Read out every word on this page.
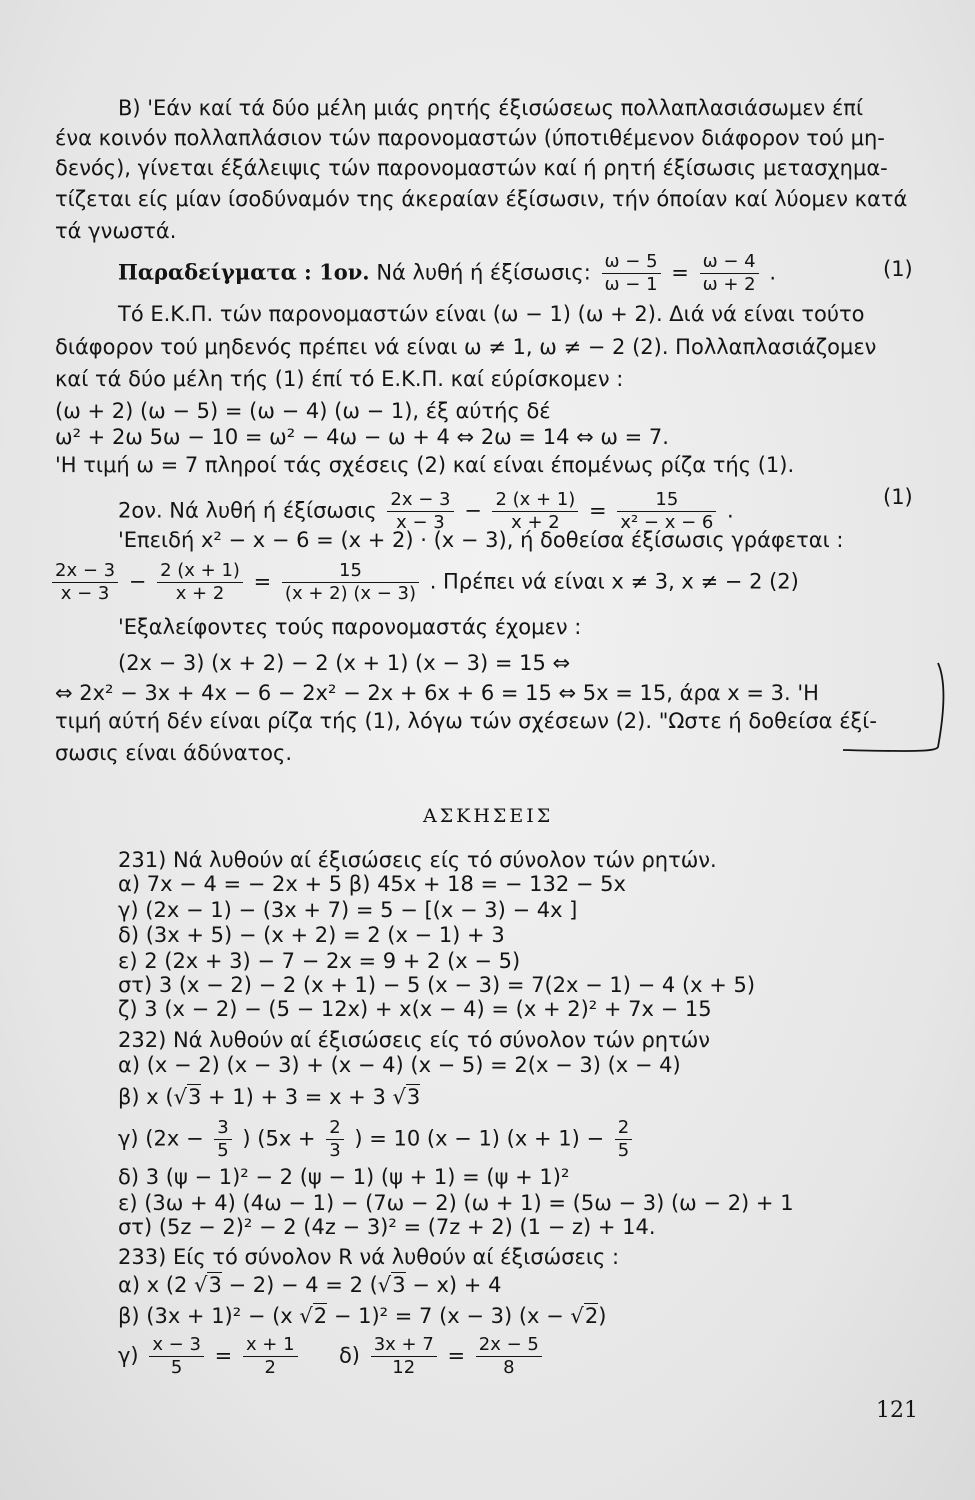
Β) 'Εάν καί τά δύο μέλη μιάς ρητής έξισώσεως πολλαπλασιάσωμεν έπί
ένα κοινόν πολλαπλάσιον τών παρονομαστών (ύποτιθέμενον διάφορον τού μη-
δενός), γίνεται έξάλειψις τών παρονομαστών καί ή ρητή έξίσωσις μετασχημα-
τίζεται είς μίαν ίσοδύναμόν της άκεραίαν έξίσωσιν, τήν όποίαν καί λύομεν κατά
τά γνωστά.
Παραδείγματα : 1ον. Νά λυθή ή έξίσωσις: $\frac{\omega - 5}{\omega - 1} = \frac{\omega - 4}{\omega + 2}$ .	(1)
Τό Ε.Κ.Π. τών παρονομαστών είναι (ω − 1) (ω + 2). Διά νά είναι τούτο
διάφορον τού μηδενός πρέπει νά είναι ω ≠ 1, ω ≠ − 2 (2). Πολλαπλασιάζομεν
καί τά δύο μέλη τής (1) έπί τό Ε.Κ.Π. καί εύρίσκομεν :
(ω + 2) (ω − 5) = (ω − 4) (ω − 1), έξ αύτής δέ
ω² + 2ω 5ω − 10 = ω² − 4ω − ω + 4 ⇔ 2ω = 14 ⇔ ω = 7.
'Η τιμή ω = 7 πληροί τάς σχέσεις (2) καί είναι έπομένως ρίζα τής (1).
2ον. Νά λυθή ή έξίσωσις $\frac{2x - 3}{x - 3} - \frac{2 (x + 1)}{x + 2} = \frac{15}{\text{x² − x − 6}}$ .
(1)
'Επειδή x² − x − 6 = (x + 2) · (x − 3), ή δοθείσα έξίσωσις γράφεται :
$\frac{2x - 3}{x - 3} - \frac{2 (x + 1)}{x + 2} = \frac{15}{(x + 2) (x - 3)}$ . Πρέπει νά είναι x ≠ 3, x ≠ − 2 (2)
'Εξαλείφοντες τούς παρονομαστάς έχομεν :
(2x − 3) (x + 2) − 2 (x + 1) (x − 3) = 15 ⇔
⇔ 2x² − 3x + 4x − 6 − 2x² − 2x + 6x + 6 = 15 ⇔ 5x = 15, άρα x = 3. 'Η
τιμή αύτή δέν είναι ρίζα τής (1), λόγω τών σχέσεων (2). "Ωστε ή δοθείσα έξί-
σωσις είναι άδύνατος.
ΑΣΚΗΣΕΙΣ
231) Νά λυθούν αί έξισώσεις είς τό σύνολον τών ρητών.
α) 7x − 4 = − 2x + 5 β) 45x + 18 = − 132 − 5x
γ) (2x − 1) − (3x + 7) = 5 − [(x − 3) − 4x ]
δ) (3x + 5) − (x + 2) = 2 (x − 1) + 3
ε) 2 (2x + 3) − 7 − 2x = 9 + 2 (x − 5)
στ) 3 (x − 2) − 2 (x + 1) − 5 (x − 3) = 7(2x − 1) − 4 (x + 5)
ζ) 3 (x − 2) − (5 − 12x) + x(x − 4) = (x + 2)² + 7x − 15
232) Νά λυθούν αί έξισώσεις είς τό σύνολον τών ρητών
α) (x − 2) (x − 3) + (x − 4) (x − 5) = 2(x − 3) (x − 4)
β) x (√3 + 1) + 3 = x + 3 √3
γ) ($2x - \frac{3}{5}$ ) ($5x + \frac{2}{3}$ ) = 10 (x − 1) $(x + 1) - \frac{2}{5}$
δ) 3 (ψ − 1)² − 2 (ψ − 1) (ψ + 1) = (ψ + 1)²
ε) (3ω + 4) (4ω − 1) − (7ω − 2) (ω + 1) = (5ω − 3) (ω − 2) + 1
στ) (5z − 2)² − 2 (4z − 3)² = (7z + 2) (1 − z) + 14.
233) Είς τό σύνολον R νά λυθούν αί έξισώσεις :
α) x (2 √3 − 2) − 4 = 2 (√3 − x) + 4
β) (3x + 1)² − (x √2 − 1)² = 7 (x − 3) (x − √2)
$\gamma) \frac{x - 3}{5} = \frac{x + 1}{2} \delta) \frac{3x + 7}{12} = \frac{2x - 5}{8}$
121
